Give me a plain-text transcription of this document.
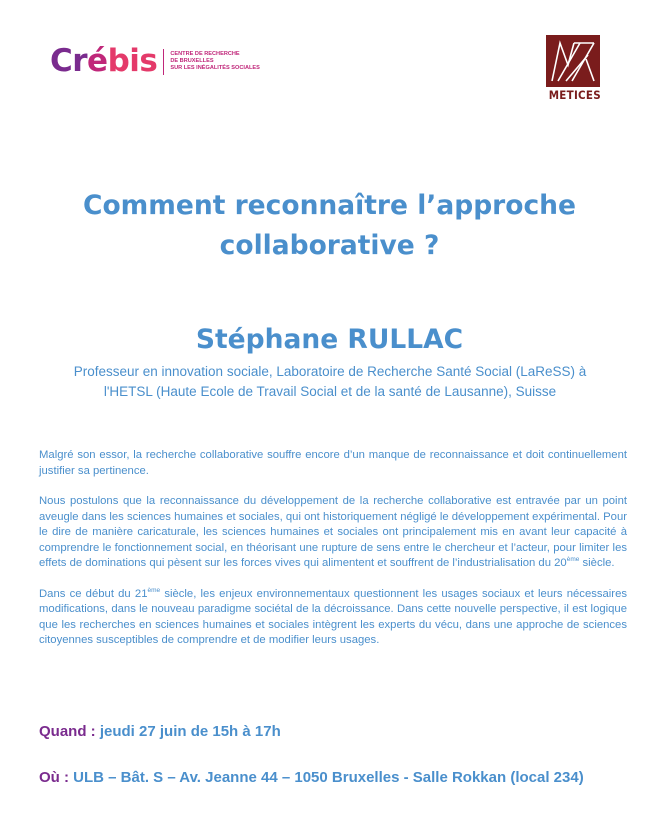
Crébis CENTRE DE RECHERCHE
DE BRUXELLES
SUR LES INÉGALITÉS SOCIALES
METICES
Comment reconnaître l’approche
collaborative ?
Stéphane RULLAC
Professeur en innovation sociale, Laboratoire de Recherche Santé Social (LaReSS) à
l'HETSL (Haute Ecole de Travail Social et de la santé de Lausanne), Suisse

Malgré son essor, la recherche collaborative souffre encore d’un manque de reconnaissance et doit continuellement justifier sa pertinence.

Nous postulons que la reconnaissance du développement de la recherche collaborative est entravée par un point aveugle dans les sciences humaines et sociales, qui ont historiquement négligé le développement expérimental. Pour le dire de manière caricaturale, les sciences humaines et sociales ont principalement mis en avant leur capacité à comprendre le fonctionnement social, en théorisant une rupture de sens entre le chercheur et l’acteur, pour limiter les effets de dominations qui pèsent sur les forces vives qui alimentent et souffrent de l’industrialisation du 20ème siècle.

Dans ce début du 21ème siècle, les enjeux environnementaux questionnent les usages sociaux et leurs nécessaires modifications, dans le nouveau paradigme sociétal de la décroissance. Dans cette nouvelle perspective, il est logique que les recherches en sciences humaines et sociales intègrent les experts du vécu, dans une approche de sciences citoyennes susceptibles de comprendre et de modifier leurs usages.

Quand : jeudi 27 juin de 15h à 17h
Où : ULB – Bât. S – Av. Jeanne 44 – 1050 Bruxelles - Salle Rokkan (local 234)
